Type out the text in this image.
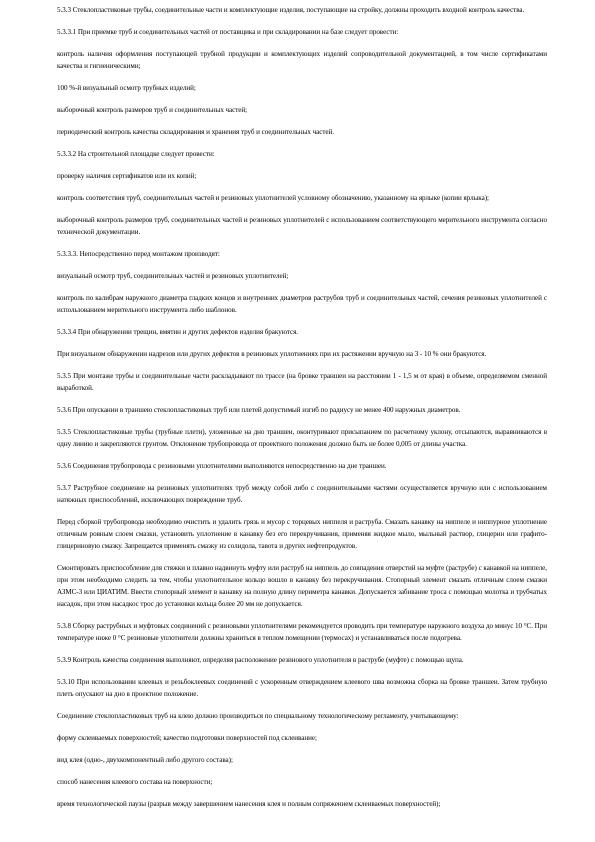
5.3.3 Стеклопластиковые трубы, соединительные части и комплектующие изделия, поступающие на стройку, должны проходить входной контроль качества.

5.3.3.1 При приемке труб и соединительных частей от поставщика и при складировании на базе следует провести:

контроль наличия оформления поступающей трубной продукции и комплектующих изделий сопроводительной документацией, в том числе сертификатами качества и гигиеническими;

100 %-й визуальный осмотр трубных изделий;

выборочный контроль размеров труб и соединительных частей;

периодический контроль качества складирования и хранения труб и соединительных частей.

5.3.3.2 На строительной площадке следует провести:

проверку наличия сертификатов или их копий;

контроль соответствия труб, соединительных частей и резиновых уплотнителей условному обозначению, указанному на ярлыке (копии ярлыка);

выборочный контроль размеров труб, соединительных частей и резиновых уплотнителей с использованием соответствующего мерительного инструмента согласно технической документации.

5.3.3.3. Непосредственно перед монтажом производят:

визуальный осмотр труб, соединительных частей и резиновых уплотнителей;

контроль по калибрам наружного диаметра гладких концов и внутренних диаметров раструбов труб и соединительных частей, сечения резиновых уплотнителей с использованием мерительного инструмента либо шаблонов.

5.3.3.4 При обнаружении трещин, вмятин и других дефектов изделия бракуются.

При визуальном обнаружении надрезов или других дефектов в резиновых уплотнениях при их растяжении вручную на 3 - 10 % они бракуются.

5.3.5 При монтаже трубы и соединительные части раскладывают по трассе (на бровке траншеи на расстоянии 1 - 1,5 м от края) в объеме, определяемом сменной выработкой.

5.3.6 При опускании в траншею стеклопластиковых труб или плетей допустимый изгиб по радиусу не менее 400 наружных диаметров.

5.3.5 Стеклопластиковые трубы (трубные плети), уложенные на дно траншеи, оконтуривают присыпанием по расчетному уклону, отсыпаются, выравниваются в одну линию и закрепляются грунтом. Отклонение трубопровода от проектного положения должно быть не более 0,005 от длины участка.

5.3.6 Соединения трубопровода с резиновыми уплотнителями выполняются непосредственно на дне траншеи.

5.3.7 Раструбное соединение на резиновых уплотнителях труб между собой либо с соединительными частями осуществляется вручную или с использованием натяжных приспособлений, исключающих повреждение труб.

Перед сборкой трубопровода необходимо очистить и удалить грязь и мусор с торцевых ниппеля и раструба. Смазать канавку на ниппеле и ниппурное уплотнение отличным ровным слоем смазки, установить уплотнение в канавку без его перекручивания, применяя жидкое мыло, мыльный раствор, глицерин или графито-глицериновую смазку. Запрещается применять смазку из солидола, тавота и других нефтепродуктов.

Смонтировать приспособление для стяжки и плавно надвинуть муфту или раструб на ниппель до совпадения отверстий на муфте (раструбе) с канавкой на ниппеле, при этом необходимо следить за тем, чтобы уплотнительное кольцо вошло в канавку без перекручивания. Стопорный элемент смазать отличным слоем смазки АЗМС-3 или ЦИАТИМ. Ввести стопорный элемент в канавку на полную длину периметра канавки. Допускается забивание троса с помощью молотка и трубчатых насадок, при этом насадкос трос до установки кольца более 20 мм не допускается.

5.3.8 Сборку раструбных и муфтовых соединений с резиновыми уплотнителями рекомендуется проводить при температуре наружного воздуха до минус 10 °С. При температуре ниже 0 °С резиновые уплотнители должны храниться в теплом помещении (термосах) и устанавливаться после подогрева.

5.3.9 Контроль качества соединения выполняют, определяя расположение резинового уплотнителя в раструбе (муфте) с помощью щупа.

5.3.10 При использовании клеевых и резьбоклеевых соединений с ускоренным отверждением клеевого шва возможна сборка на бровке траншеи. Затем трубную плеть опускают на дно в проектное положение.

Соединение стеклопластиковых труб на клею должно производиться по специальному технологическому регламенту, учитывающему:

форму склеиваемых поверхностей; качество подготовки поверхностей под склеивание;

вид клея (одно-, двухкомпонентный либо другого состава);

способ нанесения клеевого состава на поверхности;

время технологической паузы (разрыв между завершением нанесения клея и полным сопряжением склеиваемых поверхностей);
